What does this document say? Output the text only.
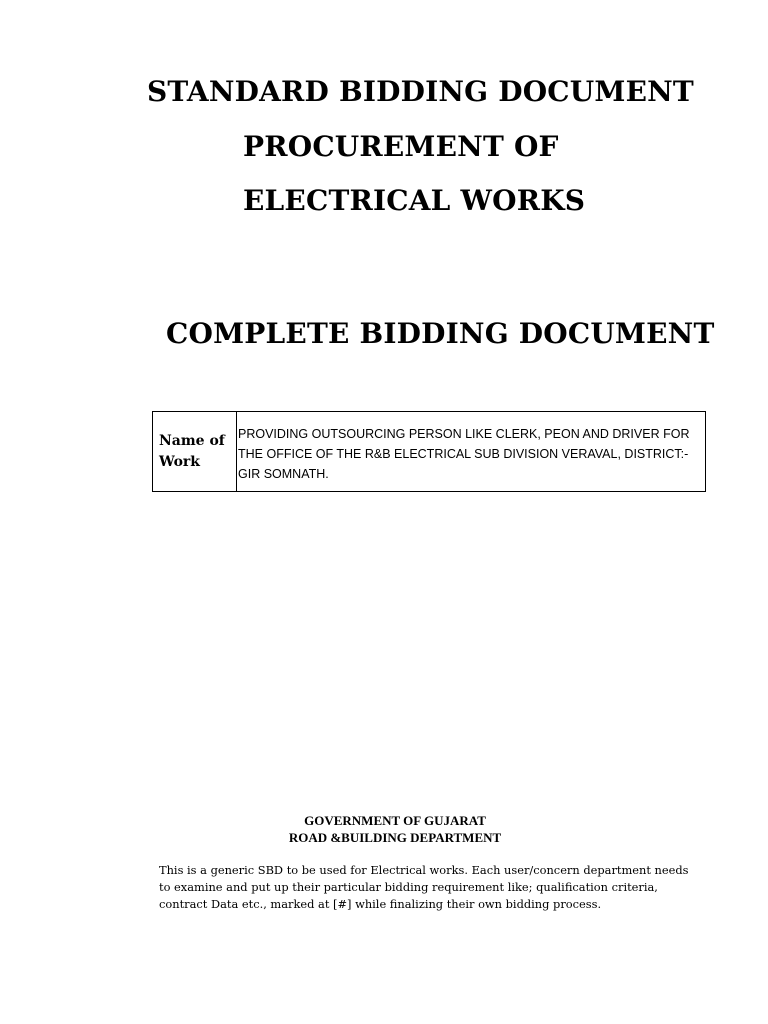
STANDARD BIDDING DOCUMENT
PROCUREMENT OF
ELECTRICAL WORKS
COMPLETE BIDDING DOCUMENT
Name of Work	PROVIDING OUTSOURCING PERSON LIKE CLERK, PEON AND DRIVER FOR THE OFFICE OF THE R&B ELECTRICAL SUB DIVISION VERAVAL, DISTRICT:-GIR SOMNATH.

GOVERNMENT OF GUJARAT

ROAD &BUILDING DEPARTMENT

This is a generic SBD to be used for Electrical works. Each user/concern department needs to examine and put up their particular bidding requirement like; qualification criteria, contract Data etc., marked at [#] while finalizing their own bidding process.
